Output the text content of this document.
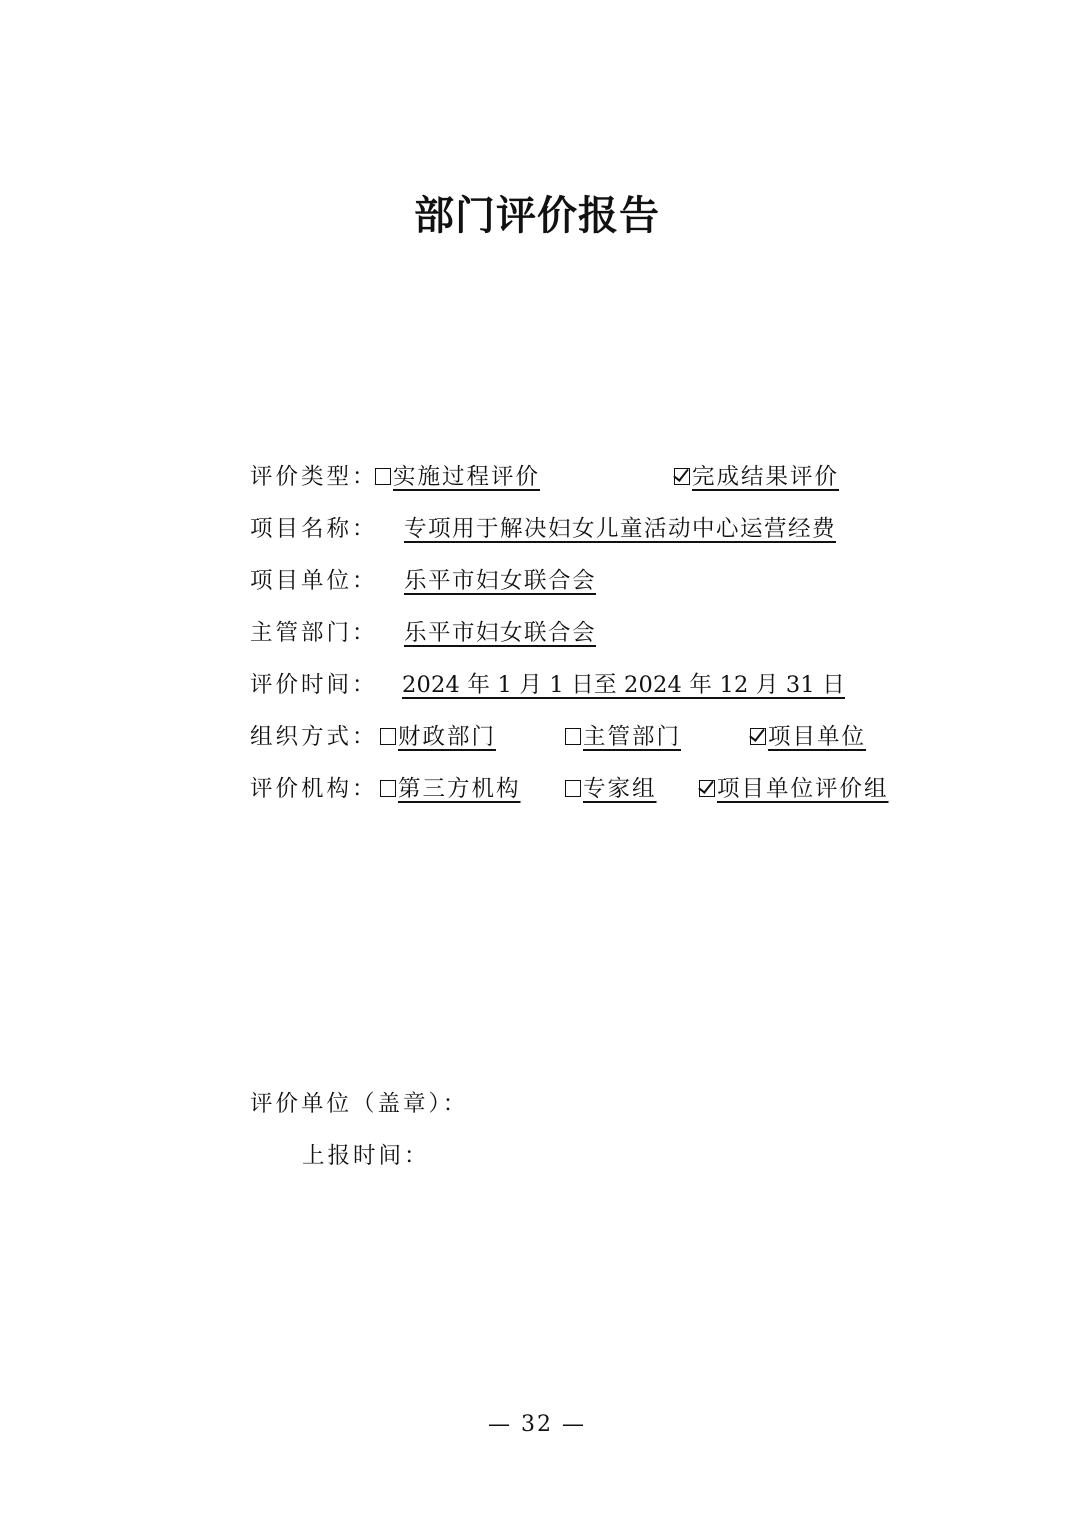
部门评价报告
评价类型： 实施过程评价	完成结果评价
项目名称：	专项用于解决妇女儿童活动中心运营经费
项目单位：	乐平市妇女联合会
主管部门：	乐平市妇女联合会
评价时间：	2024 年 1 月 1 日至 2024 年 12 月 31 日
组织方式： 财政部门	主管部门	项目单位
评价机构： 第三方机构	专家组	项目单位评价组
评价单位（盖章）：
上报时间：
— 32 —
